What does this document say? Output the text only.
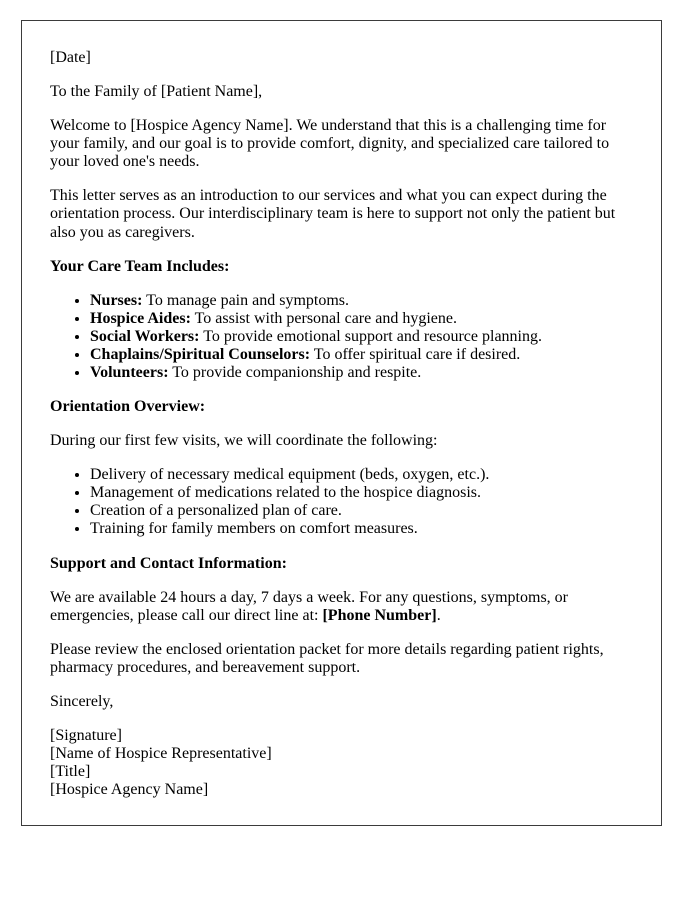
[Date]

To the Family of [Patient Name],

Welcome to [Hospice Agency Name]. We understand that this is a challenging time for your family, and our goal is to provide comfort, dignity, and specialized care tailored to your loved one's needs.

This letter serves as an introduction to our services and what you can expect during the orientation process. Our interdisciplinary team is here to support not only the patient but also you as caregivers.

Your Care Team Includes:

• Nurses: To manage pain and symptoms.
• Hospice Aides: To assist with personal care and hygiene.
• Social Workers: To provide emotional support and resource planning.
• Chaplains/Spiritual Counselors: To offer spiritual care if desired.
• Volunteers: To provide companionship and respite.

Orientation Overview:

During our first few visits, we will coordinate the following:

• Delivery of necessary medical equipment (beds, oxygen, etc.).
• Management of medications related to the hospice diagnosis.
• Creation of a personalized plan of care.
• Training for family members on comfort measures.

Support and Contact Information:

We are available 24 hours a day, 7 days a week. For any questions, symptoms, or emergencies, please call our direct line at: [Phone Number].

Please review the enclosed orientation packet for more details regarding patient rights, pharmacy procedures, and bereavement support.

Sincerely,

[Signature]
[Name of Hospice Representative]
[Title]
[Hospice Agency Name]
